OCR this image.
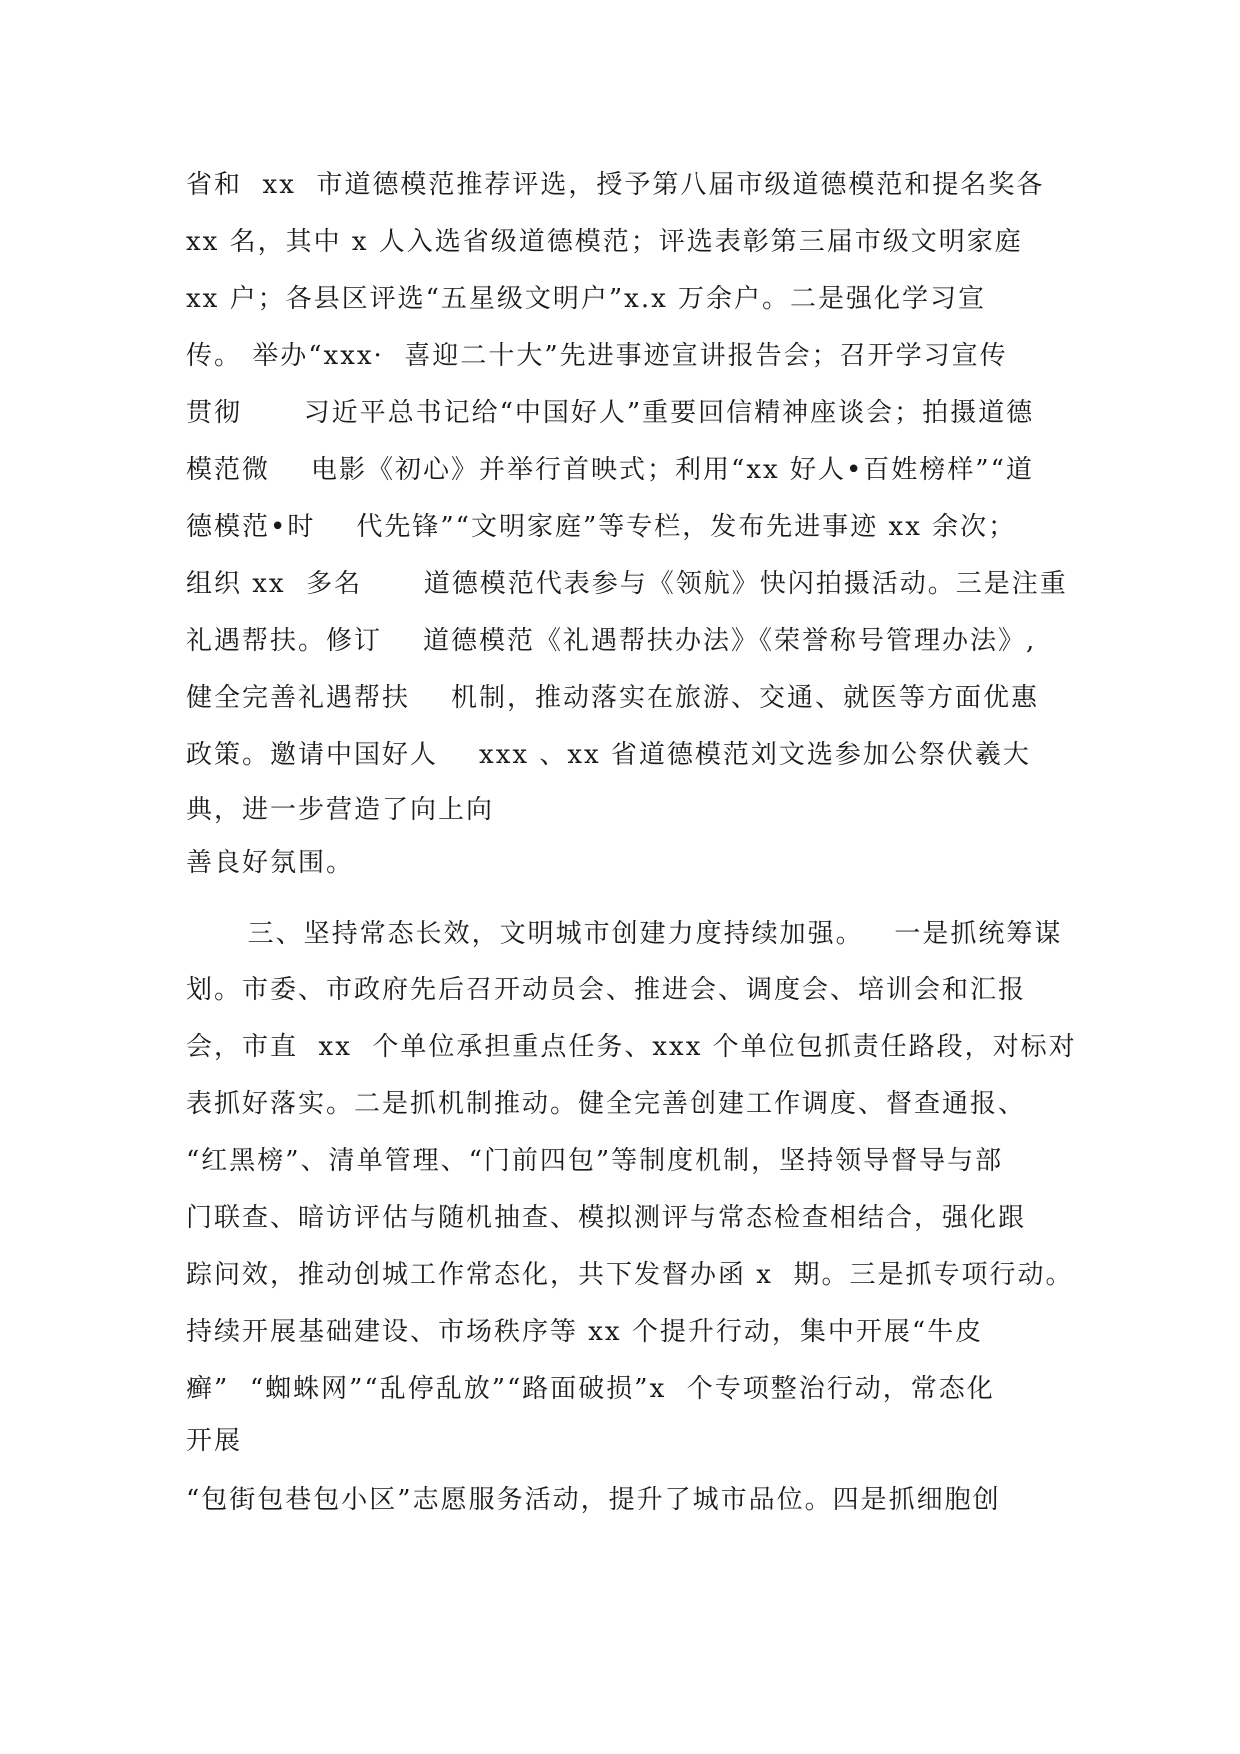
省和  xx  市道德模范推荐评选，授予第八届市级道德模范和提名奖各

xx 名，其中 x 人入选省级道德模范；评选表彰第三届市级文明家庭

xx 户；各县区评选“五星级文明户”x.x 万余户。二是强化学习宣

传。 举办“xxx·  喜迎二十大”先进事迹宣讲报告会；召开学习宣传

贯彻      习近平总书记给“中国好人”重要回信精神座谈会；拍摄道德

模范微    电影《初心》并举行首映式；利用“xx 好人•百姓榜样”“道

德模范•时    代先锋”“文明家庭”等专栏，发布先进事迹 xx 余次；

组织 xx  多名      道德模范代表参与《领航》快闪拍摄活动。三是注重

礼遇帮扶。修订    道德模范《礼遇帮扶办法》《荣誉称号管理办法》,

健全完善礼遇帮扶    机制，推动落实在旅游、交通、就医等方面优惠

政策。邀请中国好人    xxx 、xx 省道德模范刘文选参加公祭伏羲大

典，进一步营造了向上向

善良好氛围。

三、坚持常态长效，文明城市创建力度持续加强。   一是抓统筹谋

划。市委、市政府先后召开动员会、推进会、调度会、培训会和汇报

会，市直  xx  个单位承担重点任务、xxx 个单位包抓责任路段，对标对

表抓好落实。二是抓机制推动。健全完善创建工作调度、督查通报、

“红黑榜”、清单管理、“门前四包”等制度机制，坚持领导督导与部

门联查、暗访评估与随机抽查、模拟测评与常态检查相结合，强化跟

踪问效，推动创城工作常态化，共下发督办函 x  期。三是抓专项行动。

持续开展基础建设、市场秩序等 xx 个提升行动，集中开展“牛皮

癣”  “蜘蛛网”“乱停乱放”“路面破损”x  个专项整治行动，常态化

开展

“包街包巷包小区”志愿服务活动，提升了城市品位。四是抓细胞创
